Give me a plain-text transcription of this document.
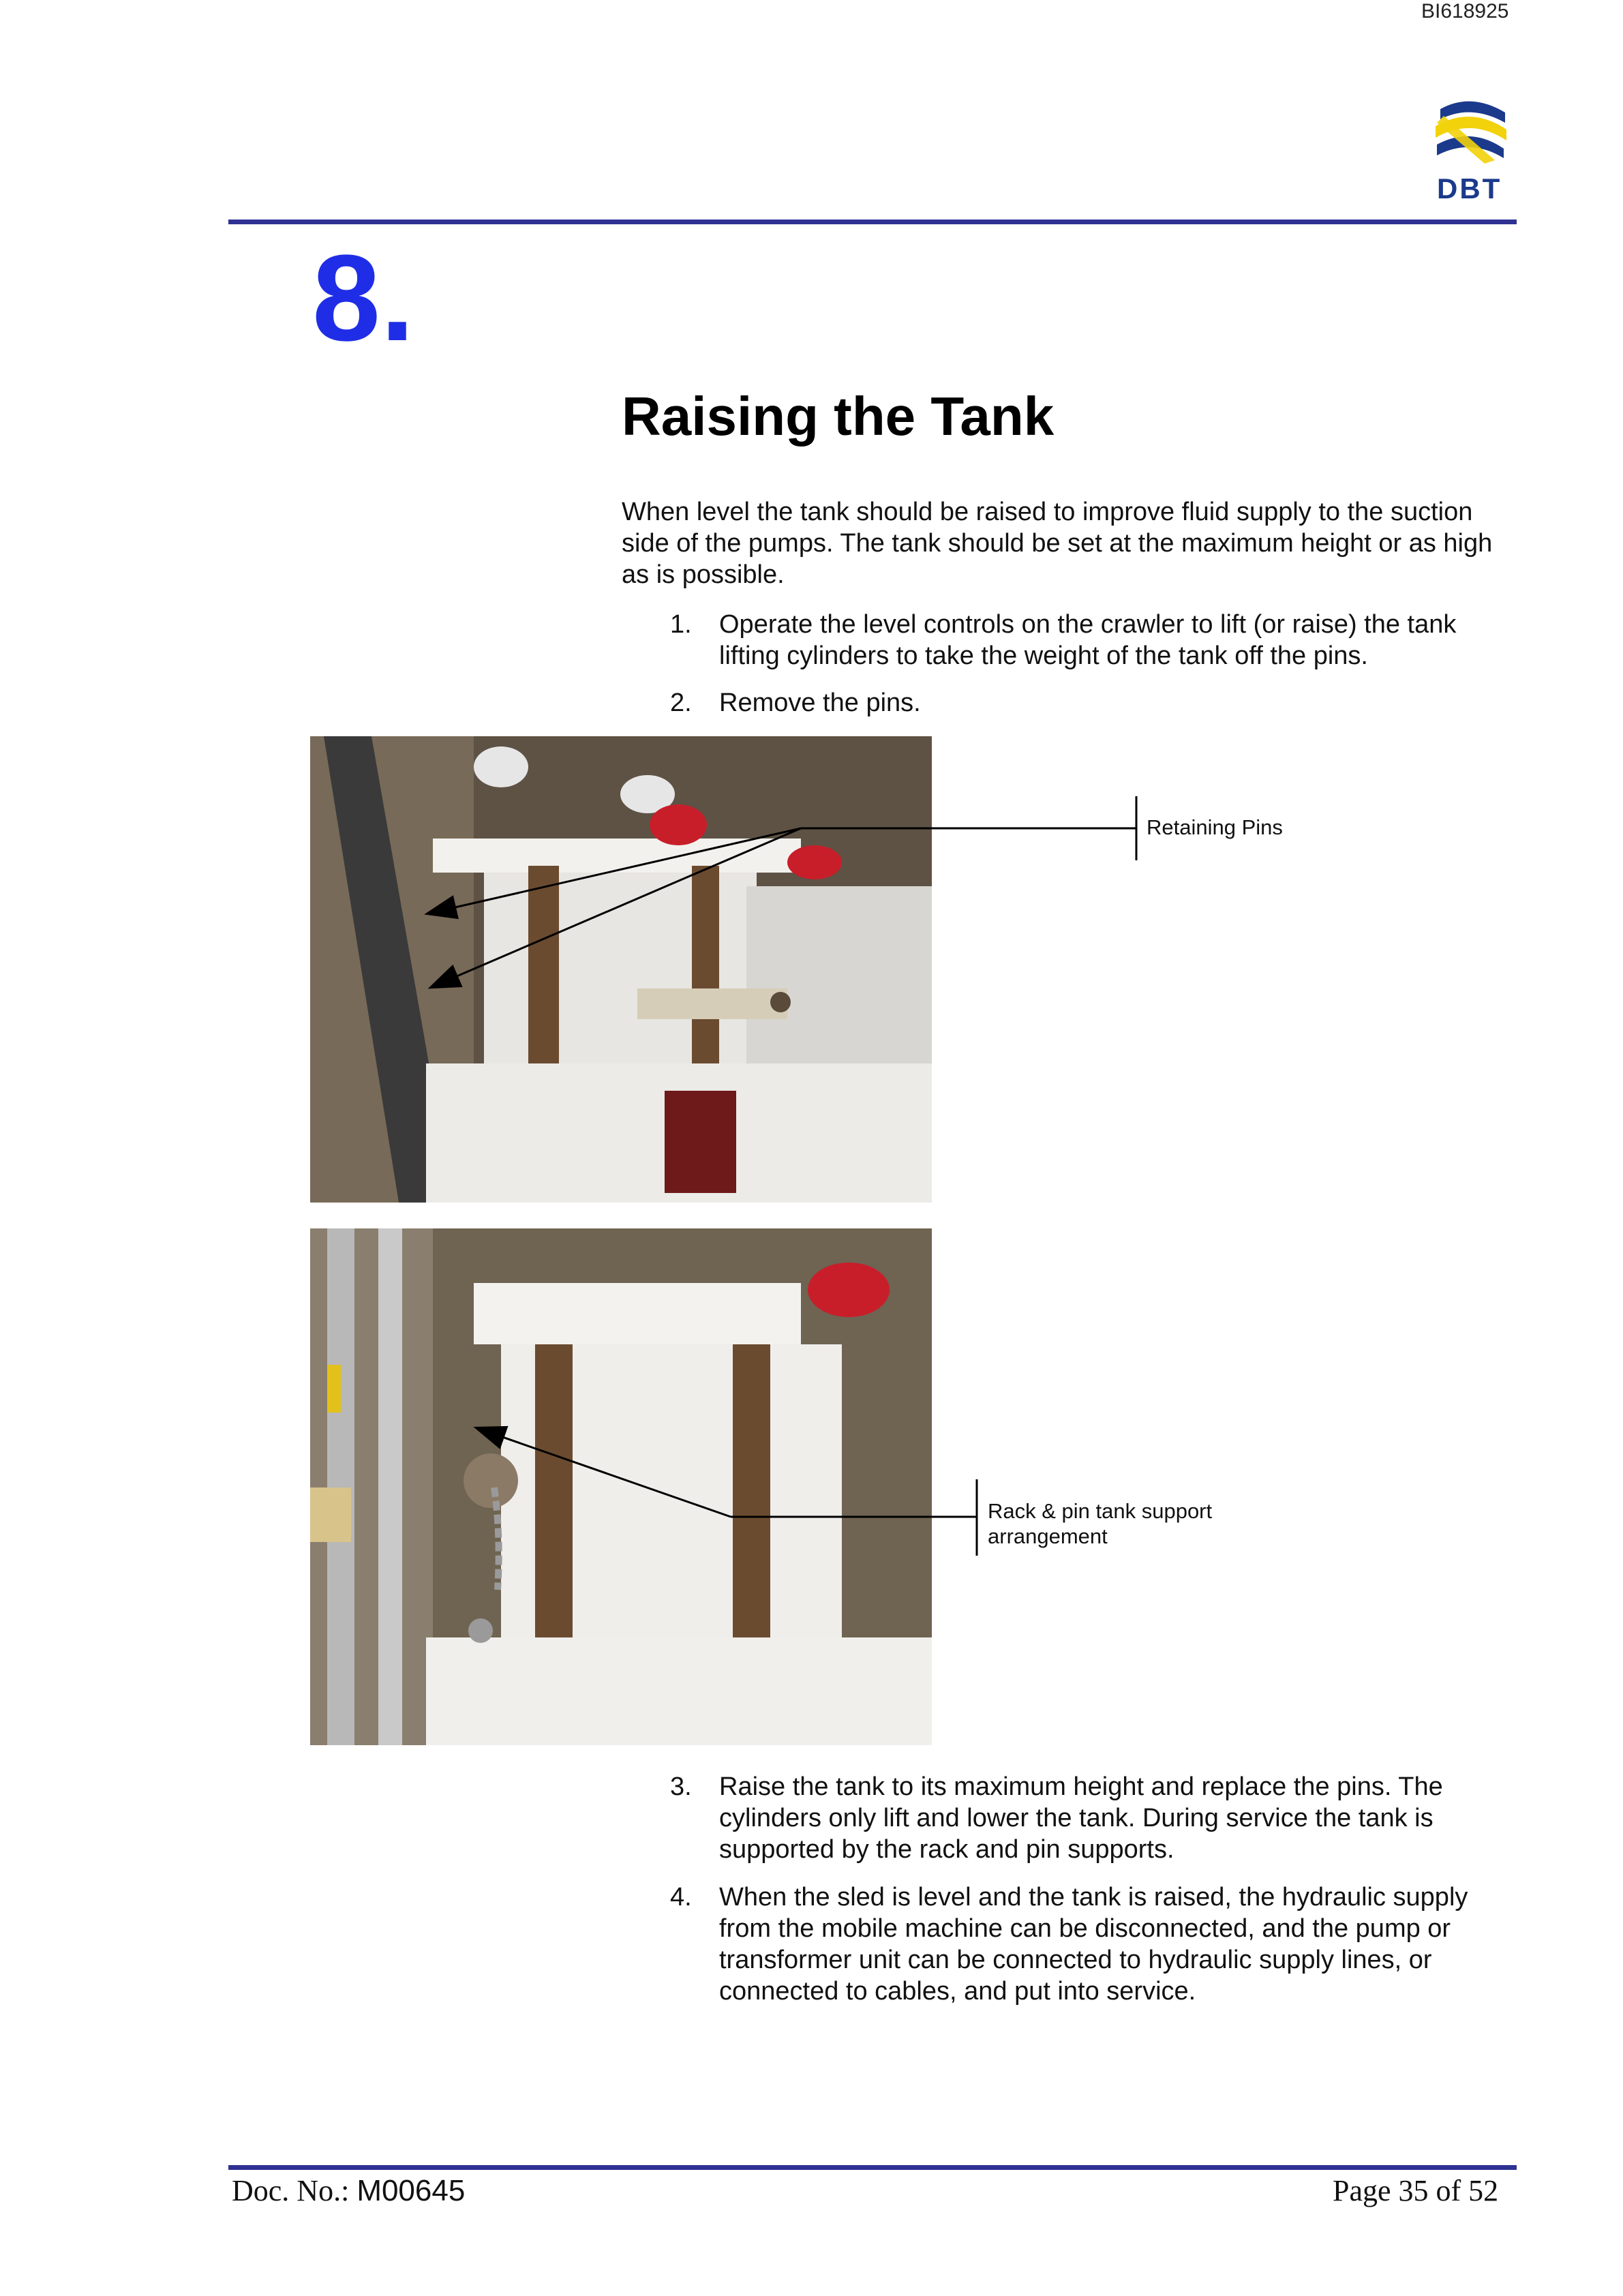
BI618925
DBT
8.
Raising the Tank
When level the tank should be raised to improve fluid supply to the suction side of the pumps. The tank should be set at the maximum height or as high as is possible.
1. Operate the level controls on the crawler to lift (or raise) the tank lifting cylinders to take the weight of the tank off the pins.
2. Remove the pins.
Retaining Pins
Rack & pin tank support arrangement
3. Raise the tank to its maximum height and replace the pins. The cylinders only lift and lower the tank. During service the tank is supported by the rack and pin supports.
4. When the sled is level and the tank is raised, the hydraulic supply from the mobile machine can be disconnected, and the pump or transformer unit can be connected to hydraulic supply lines, or connected to cables, and put into service.
Doc. No.: M00645	Page 35 of 52
